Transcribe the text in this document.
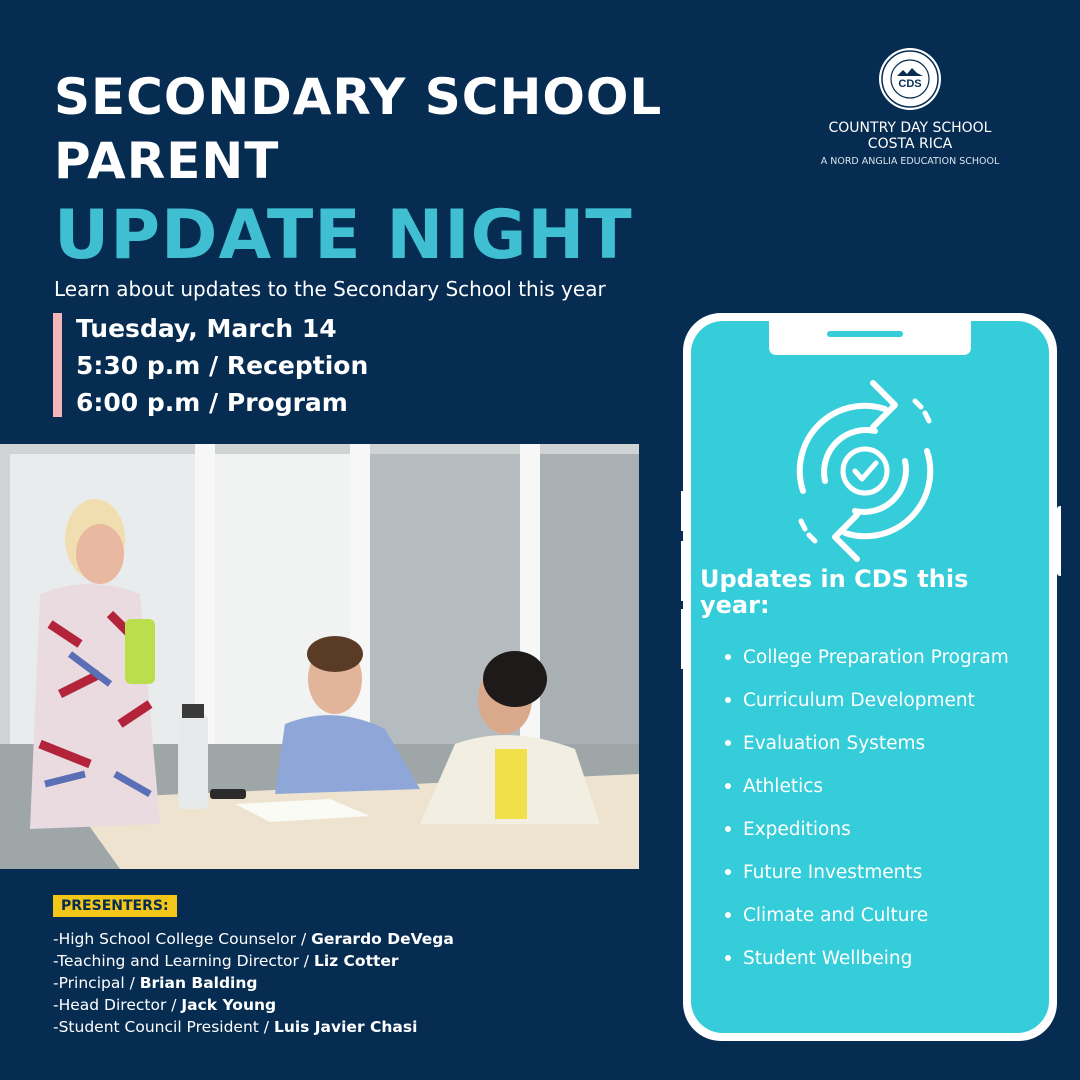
SECONDARY SCHOOL
PARENT
UPDATE NIGHT
Learn about updates to the Secondary School this year
Tuesday, March 14
5:30 p.m / Reception
6:00 p.m / Program
CDS
COUNTRY DAY SCHOOL
COSTA RICA
A NORD ANGLIA EDUCATION SCHOOL
PRESENTERS:
-High School College Counselor / Gerardo DeVega
-Teaching and Learning Director / Liz Cotter
-Principal / Brian Balding
-Head Director / Jack Young
-Student Council President / Luis Javier Chasi
Updates in CDS this year:
College Preparation Program
Curriculum Development
Evaluation Systems
Athletics
Expeditions
Future Investments
Climate and Culture
Student Wellbeing
